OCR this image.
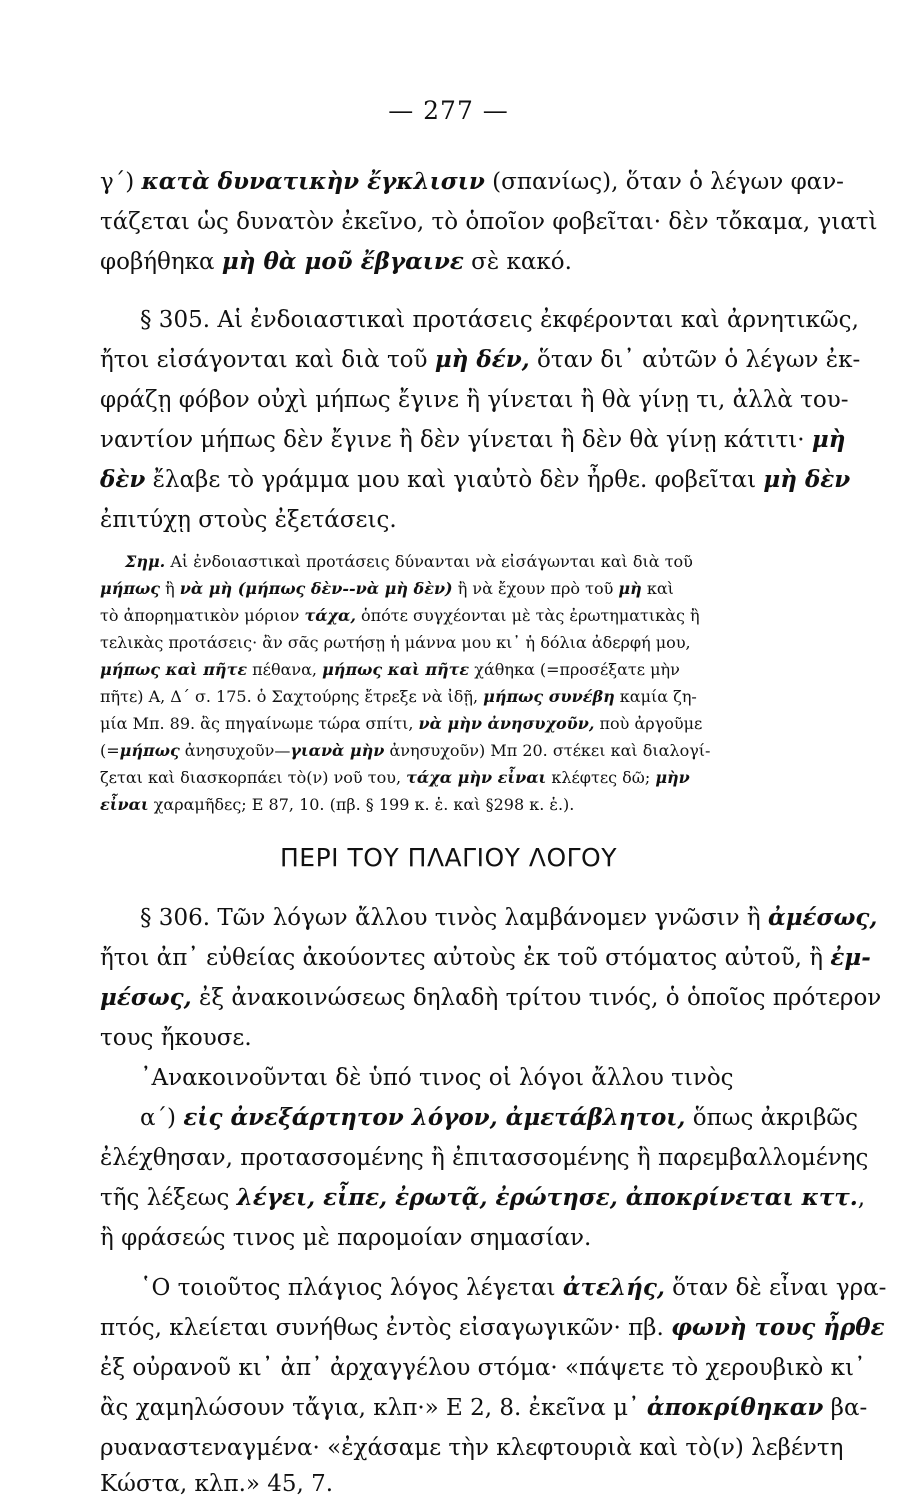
— 277 —
γ΄) κατὰ δυνατικὴν ἔγκλισιν (σπανίως), ὅταν ὁ λέγων φαν-
τάζεται ὡς δυνατὸν ἐκεῖνο, τὸ ὁποῖον φοβεῖται· δὲν τὄκαμα, γιατὶ
φοβήθηκα μὴ θὰ μοῦ ἔβγαινε σὲ κακό.
§ 305. Αἱ ἐνδοιαστικαὶ προτάσεις ἐκφέρονται καὶ ἀρνητικῶς,
ἤτοι εἰσάγονται καὶ διὰ τοῦ μὴ δέν, ὅταν δι᾽ αὐτῶν ὁ λέγων ἐκ-
φράζῃ φόβον οὐχὶ μήπως ἔγινε ἢ γίνεται ἢ θὰ γίνῃ τι, ἀλλὰ του-
ναντίον μήπως δὲν ἔγινε ἢ δὲν γίνεται ἢ δὲν θὰ γίνῃ κάτιτι· μὴ
δὲν ἔλαβε τὸ γράμμα μου καὶ γιαὐτὸ δὲν ἦρθε. φοβεῖται μὴ δὲν
ἐπιτύχῃ στοὺς ἐξετάσεις.
Σημ. Αἱ ἐνδοιαστικαὶ προτάσεις δύνανται νὰ εἰσάγωνται καὶ διὰ τοῦ
μήπως ἢ νὰ μὴ (μήπως δὲν--νὰ μὴ δὲν) ἢ νὰ ἔχουν πρὸ τοῦ μὴ καὶ
τὸ ἀπορηματικὸν μόριον τάχα, ὁπότε συγχέονται μὲ τὰς ἐρωτηματικὰς ἢ
τελικὰς προτάσεις· ἂν σᾶς ρωτήσῃ ἡ μάννα μου κι᾽ ἡ δόλια ἀδερφή μου,
μήπως καὶ πῆτε πέθανα, μήπως καὶ πῆτε χάθηκα (=προσέξατε μὴν
πῆτε) Α, Δ΄ σ. 175. ὁ Σαχτούρης ἔτρεξε νὰ ἰδῇ, μήπως συνέβη καμία ζη-
μία Μπ. 89. ἂς πηγαίνωμε τώρα σπίτι, νὰ μὴν ἀνησυχοῦν, ποὺ ἀργοῦμε
(=μήπως ἀνησυχοῦν—γιανὰ μὴν ἀνησυχοῦν) Μπ 20. στέκει καὶ διαλογί-
ζεται καὶ διασκορπάει τὸ(ν) νοῦ του, τάχα μὴν εἶναι κλέφτες δῶ; μὴν
εἶναι χαραμῆδες; Ε 87, 10. (πβ. § 199 κ. ἑ. καὶ §298 κ. ἑ.).
ΠΕΡΙ ΤΟΥ ΠΛΑΓΙΟΥ ΛΟΓΟΥ
§ 306. Τῶν λόγων ἄλλου τινὸς λαμβάνομεν γνῶσιν ἢ ἀμέσως,
ἤτοι ἀπ᾽ εὐθείας ἀκούοντες αὐτοὺς ἐκ τοῦ στόματος αὐτοῦ, ἢ ἐμ-
μέσως, ἐξ ἀνακοινώσεως δηλαδὴ τρίτου τινός, ὁ ὁποῖος πρότερον
τους ἤκουσε.
᾿Ανακοινοῦνται δὲ ὑπό τινος οἱ λόγοι ἄλλου τινὸς
α΄) εἰς ἀνεξάρτητον λόγον, ἀμετάβλητοι, ὅπως ἀκριβῶς
ἐλέχθησαν, προτασσομένης ἢ ἐπιτασσομένης ἢ παρεμβαλλομένης
τῆς λέξεως λέγει, εἶπε, ἐρωτᾷ, ἐρώτησε, ἀποκρίνεται κττ.,
ἢ φράσεώς τινος μὲ παρομοίαν σημασίαν.
῾Ο τοιοῦτος πλάγιος λόγος λέγεται ἀτελής, ὅταν δὲ εἶναι γρα-
πτός, κλείεται συνήθως ἐντὸς εἰσαγωγικῶν· πβ. φωνὴ τους ἦρθε
ἐξ οὐρανοῦ κι᾽ ἀπ᾽ ἀρχαγγέλου στόμα· «πάψετε τὸ χερουβικὸ κι᾽
ἂς χαμηλώσουν τἄγια, κλπ·» Ε 2, 8. ἐκεῖνα μ᾽ ἀποκρίθηκαν βα-
ρυαναστεναγμένα· «ἐχάσαμε τὴν κλεφτουριὰ καὶ τὸ(ν) λεβέντη
Κώστα, κλπ.» 45, 7.
